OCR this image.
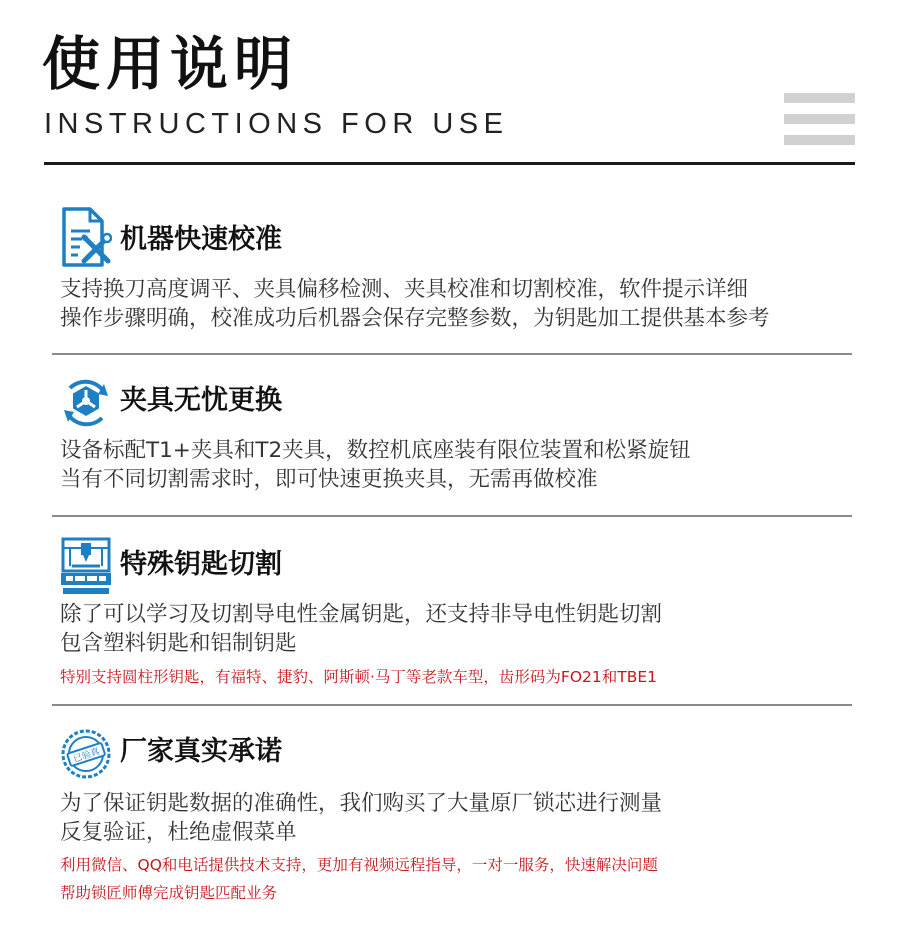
使用说明
INSTRUCTIONS FOR USE
机器快速校准
支持换刀高度调平、夹具偏移检测、夹具校准和切割校准，软件提示详细
操作步骤明确，校准成功后机器会保存完整参数，为钥匙加工提供基本参考
夹具无忧更换
设备标配T1+夹具和T2夹具，数控机底座装有限位装置和松紧旋钮
当有不同切割需求时，即可快速更换夹具，无需再做校准
特殊钥匙切割
除了可以学习及切割导电性金属钥匙，还支持非导电性钥匙切割
包含塑料钥匙和铝制钥匙
特别支持圆柱形钥匙，有福特、捷豹、阿斯顿·马丁等老款车型，齿形码为FO21和TBE1
已验真 厂家真实承诺
为了保证钥匙数据的准确性，我们购买了大量原厂锁芯进行测量
反复验证，杜绝虚假菜单
利用微信、QQ和电话提供技术支持，更加有视频远程指导，一对一服务，快速解决问题
帮助锁匠师傅完成钥匙匹配业务
